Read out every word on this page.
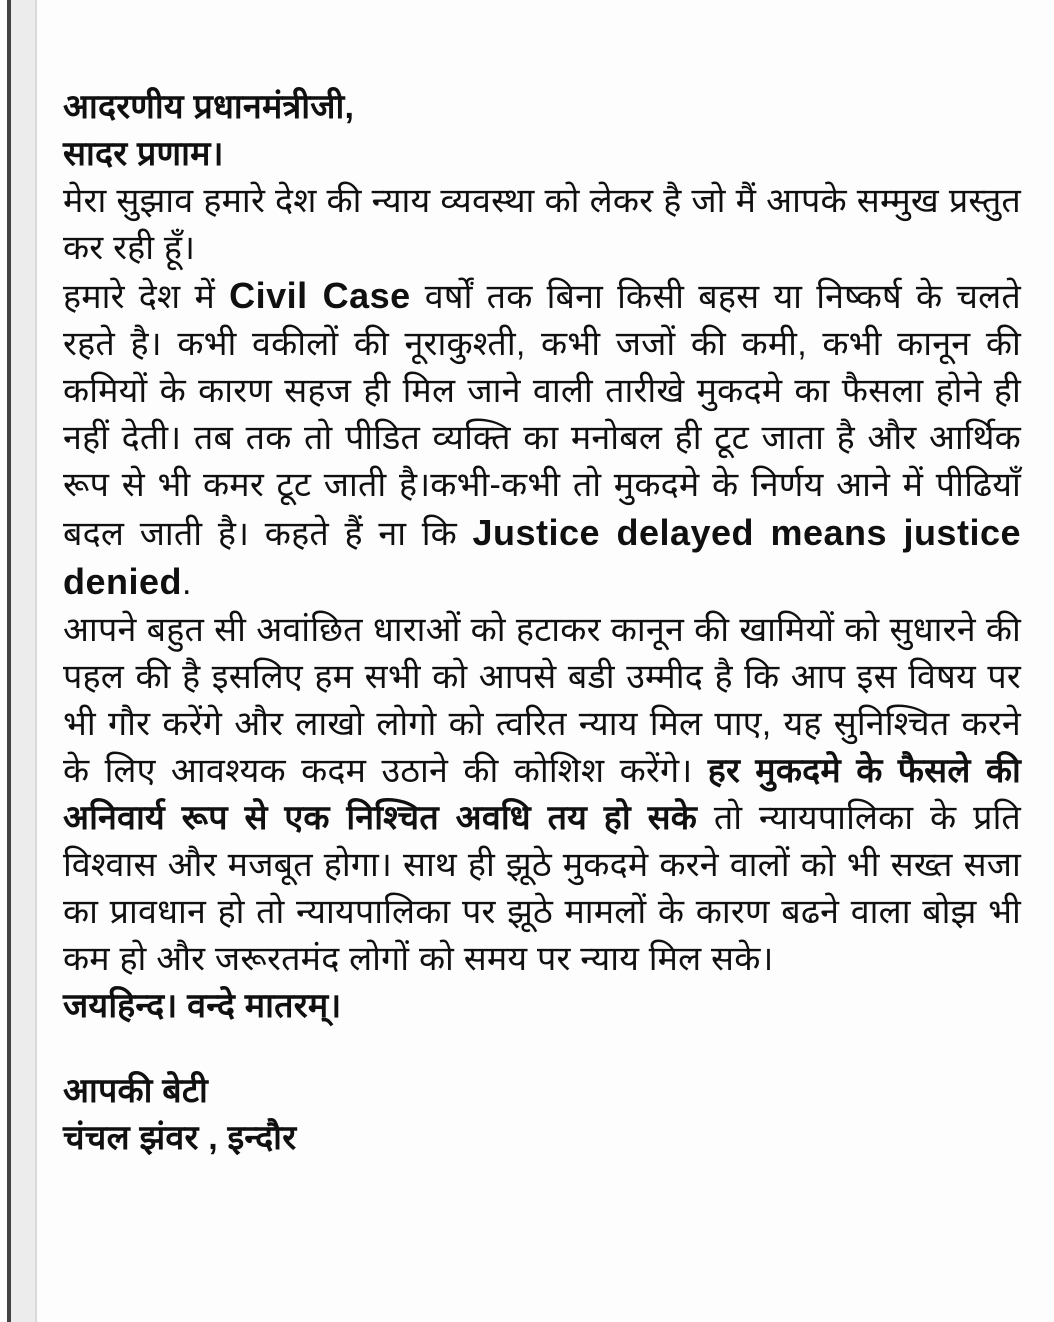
आदरणीय प्रधानमंत्रीजी,
सादर प्रणाम।

मेरा सुझाव हमारे देश की न्याय व्यवस्था को लेकर है जो मैं आपके सम्मुख प्रस्तुत कर रही हूँ।

हमारे देश में Civil Case वर्षों तक बिना किसी बहस या निष्कर्ष के चलते रहते है। कभी वकीलों की नूराकुश्ती, कभी जजों की कमी, कभी कानून की कमियों के कारण सहज ही मिल जाने वाली तारीखे मुकदमे का फैसला होने ही नहीं देती। तब तक तो पीडित व्यक्ति का मनोबल ही टूट जाता है और आर्थिक रूप से भी कमर टूट जाती है।कभी-कभी तो मुकदमे के निर्णय आने में पीढियाँ बदल जाती है। कहते हैं ना कि Justice delayed means justice denied.

आपने बहुत सी अवांछित धाराओं को हटाकर कानून की खामियों को सुधारने की पहल की है इसलिए हम सभी को आपसे बडी उम्मीद है कि आप इस विषय पर भी गौर करेंगे और लाखो लोगो को त्वरित न्याय मिल पाए, यह सुनिश्चित करने के लिए आवश्यक कदम उठाने की कोशिश करेंगे। हर मुकदमे के फैसले की अनिवार्य रूप से एक निश्चित अवधि तय हो सके तो न्यायपालिका के प्रति विश्वास और मजबूत होगा। साथ ही झूठे मुकदमे करने वालों को भी सख्त सजा का प्रावधान हो तो न्यायपालिका पर झूठे मामलों के कारण बढने वाला बोझ भी कम हो और जरूरतमंद लोगों को समय पर न्याय मिल सके।

जयहिन्द। वन्दे मातरम्।
आपकी बेटी
चंचल झंवर , इन्दौर
